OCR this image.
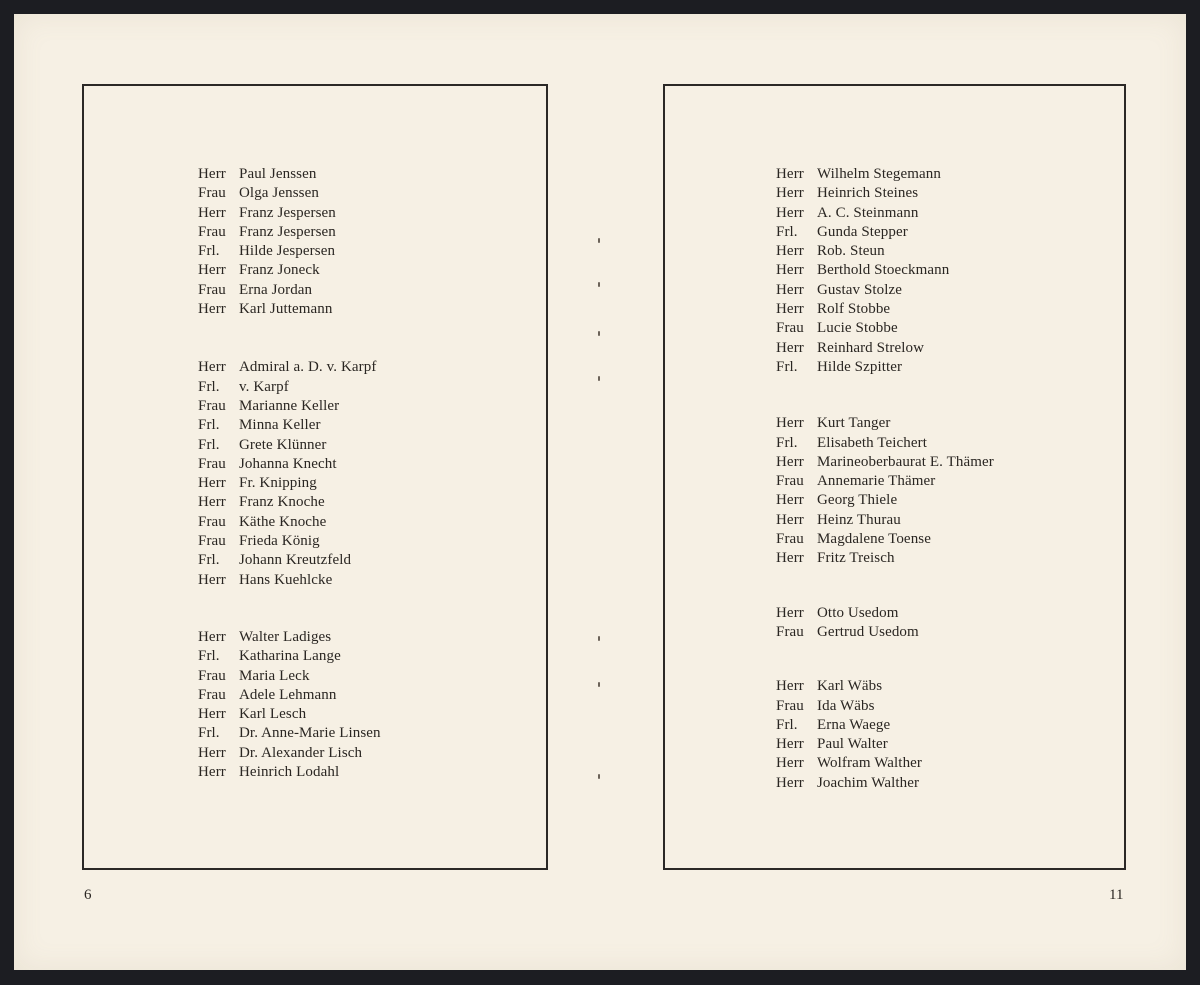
Herr Paul Jenssen
Frau Olga Jenssen
Herr Franz Jespersen
Frau Franz Jespersen
Frl.	Hilde Jespersen
Herr Franz Joneck
Frau Erna Jordan
Herr Karl Juttemann
Herr Admiral a. D. v. Karpf
Frl.	v. Karpf
Frau Marianne Keller
Frl.	Minna Keller
Frl.	Grete Klünner
Frau Johanna Knecht
Herr Fr. Knipping
Herr Franz Knoche
Frau Käthe Knoche
Frau Frieda König
Frl.	Johann Kreutzfeld
Herr Hans Kuehlcke
Herr Walter Ladiges
Frl.	Katharina Lange
Frau Maria Leck
Frau Adele Lehmann
Herr Karl Lesch
Frl.	Dr. Anne-Marie Linsen
Herr Dr. Alexander Lisch
Herr Heinrich Lodahl
Herr Wilhelm Stegemann
Herr Heinrich Steines
Herr A. C. Steinmann
Frl.	Gunda Stepper
Herr Rob. Steun
Herr Berthold Stoeckmann
Herr Gustav Stolze
Herr Rolf Stobbe
Frau Lucie Stobbe
Herr Reinhard Strelow
Frl.	Hilde Szpitter
Herr Kurt Tanger
Frl.	Elisabeth Teichert
Herr Marineoberbaurat E. Thämer
Frau Annemarie Thämer
Herr Georg Thiele
Herr Heinz Thurau
Frau Magdalene Toense
Herr Fritz Treisch
Herr Otto Usedom
Frau Gertrud Usedom
Herr Karl Wäbs
Frau Ida Wäbs
Frl.	Erna Waege
Herr Paul Walter
Herr Wolfram Walther
Herr Joachim Walther
6	11
